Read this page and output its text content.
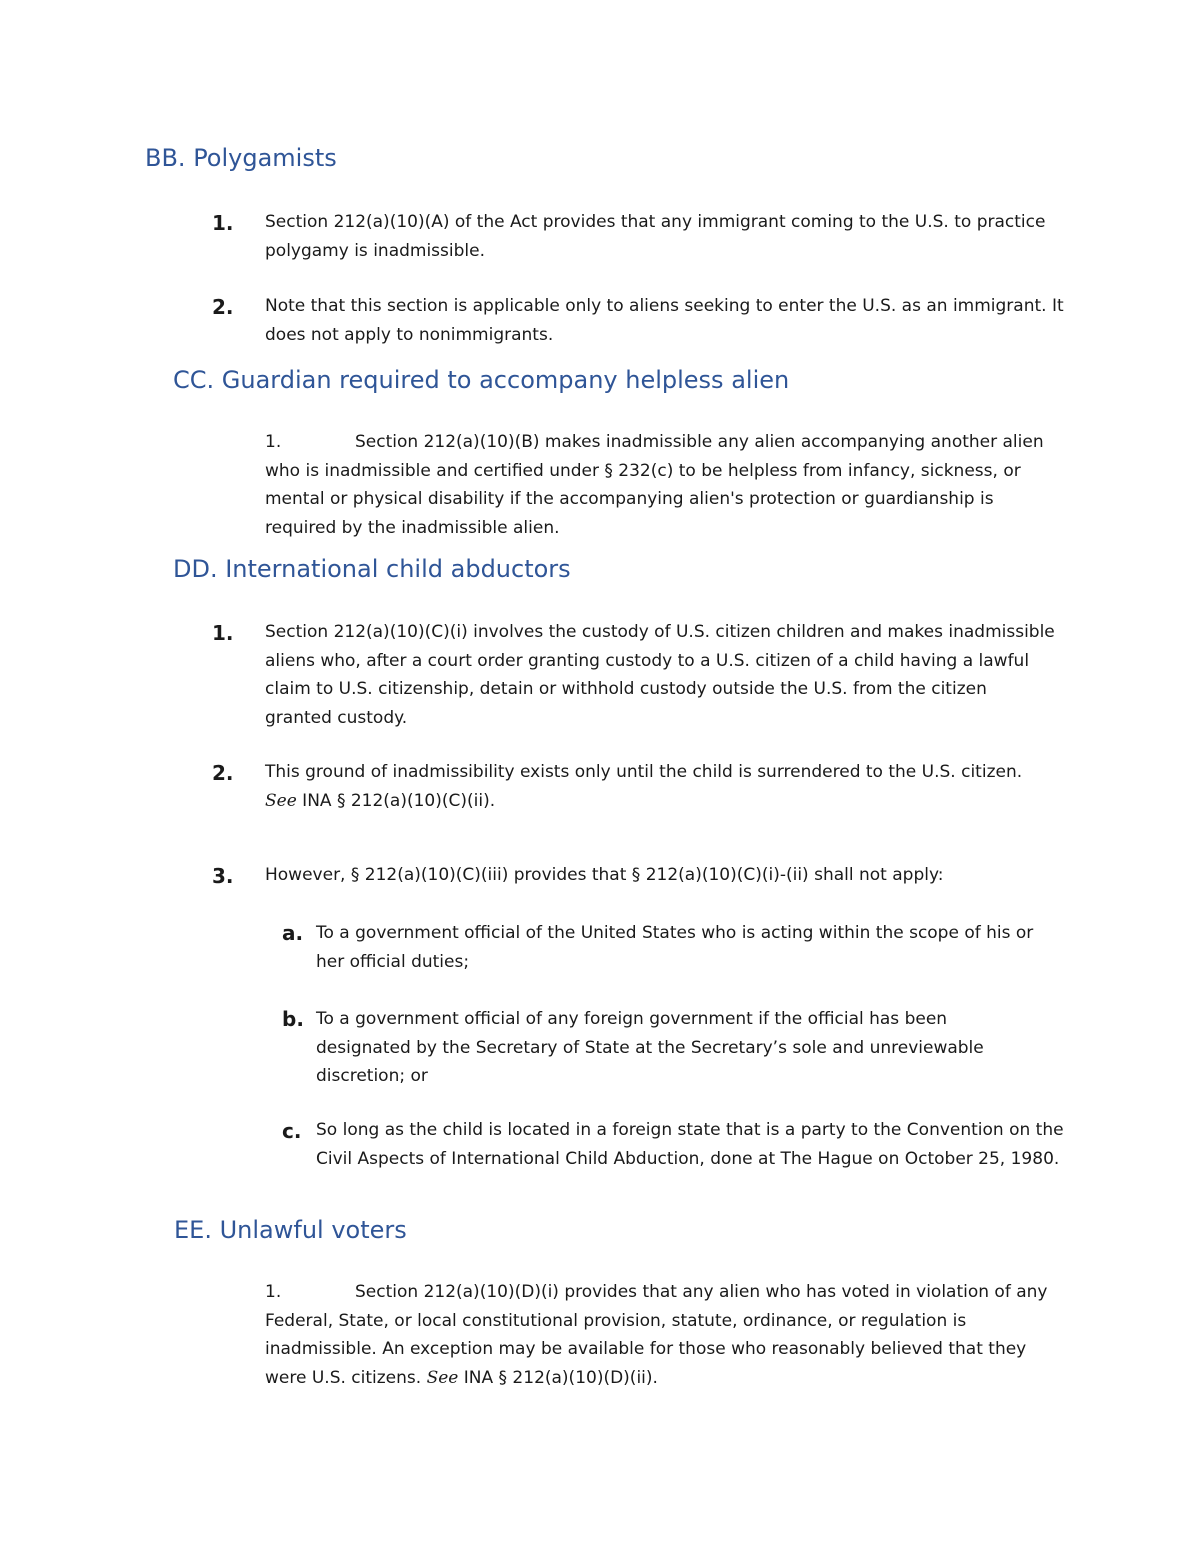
BB. Polygamists
1. Section 212(a)(10)(A) of the Act provides that any immigrant coming to the U.S. to practice polygamy is inadmissible.
2. Note that this section is applicable only to aliens seeking to enter the U.S. as an immigrant. It does not apply to nonimmigrants.
CC. Guardian required to accompany helpless alien
1.	Section 212(a)(10)(B) makes inadmissible any alien accompanying another alien who is inadmissible and certified under § 232(c) to be helpless from infancy, sickness, or mental or physical disability if the accompanying alien's protection or guardianship is required by the inadmissible alien.
DD. International child abductors
1. Section 212(a)(10)(C)(i) involves the custody of U.S. citizen children and makes inadmissible aliens who, after a court order granting custody to a U.S. citizen of a child having a lawful claim to U.S. citizenship, detain or withhold custody outside the U.S. from the citizen granted custody.
2. This ground of inadmissibility exists only until the child is surrendered to the U.S. citizen. See INA § 212(a)(10)(C)(ii).
3. However, § 212(a)(10)(C)(iii) provides that § 212(a)(10)(C)(i)-(ii) shall not apply:
a. To a government official of the United States who is acting within the scope of his or her official duties;
b. To a government official of any foreign government if the official has been designated by the Secretary of State at the Secretary’s sole and unreviewable discretion; or
c. So long as the child is located in a foreign state that is a party to the Convention on the Civil Aspects of International Child Abduction, done at The Hague on October 25, 1980.
EE. Unlawful voters
1.	Section 212(a)(10)(D)(i) provides that any alien who has voted in violation of any Federal, State, or local constitutional provision, statute, ordinance, or regulation is inadmissible. An exception may be available for those who reasonably believed that they were U.S. citizens. See INA § 212(a)(10)(D)(ii).
